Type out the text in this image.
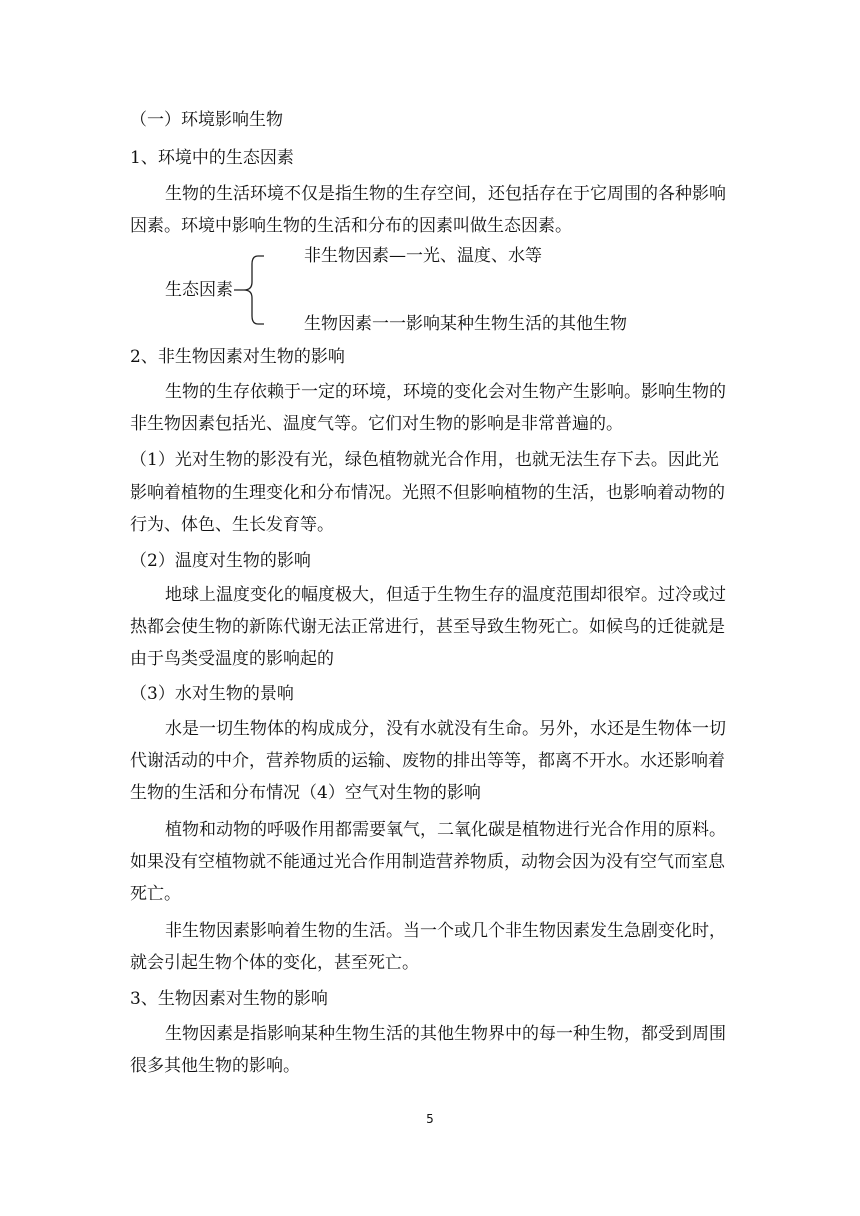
（一）环境影响生物
1、环境中的生态因素
生物的生活环境不仅是指生物的生存空间，还包括存在于它周围的各种影响
因素。环境中影响生物的生活和分布的因素叫做生态因素。
生态因素
非生物因素—一光、温度、水等
生物因素一一影响某种生物生活的其他生物
2、非生物因素对生物的影响
生物的生存依赖于一定的环境，环境的变化会对生物产生影响。影响生物的
非生物因素包括光、温度气等。它们对生物的影响是非常普遍的。
（1）光对生物的影没有光，绿色植物就光合作用，也就无法生存下去。因此光
影响着植物的生理变化和分布情况。光照不但影响植物的生活，也影响着动物的
行为、体色、生长发育等。
（2）温度对生物的影响
地球上温度变化的幅度极大，但适于生物生存的温度范围却很窄。过冷或过
热都会使生物的新陈代谢无法正常进行，甚至导致生物死亡。如候鸟的迁徙就是
由于鸟类受温度的影响起的
（3）水对生物的景响
水是一切生物体的构成成分，没有水就没有生命。另外，水还是生物体一切
代谢活动的中介，营养物质的运输、废物的排出等等，都离不开水。水还影响着
生物的生活和分布情况（4）空气对生物的影响
植物和动物的呼吸作用都需要氧气，二氧化碳是植物进行光合作用的原料。
如果没有空植物就不能通过光合作用制造营养物质，动物会因为没有空气而室息
死亡。
非生物因素影响着生物的生活。当一个或几个非生物因素发生急剧变化时，
就会引起生物个体的变化，甚至死亡。
3、生物因素对生物的影响
生物因素是指影响某种生物生活的其他生物界中的每一种生物，都受到周围
很多其他生物的影响。
5
